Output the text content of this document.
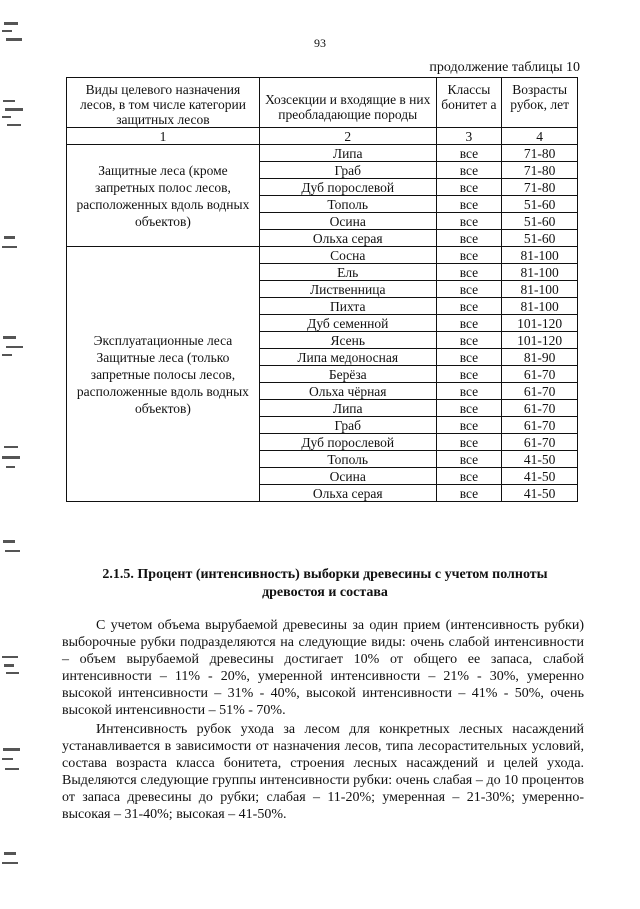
93
продолжение таблицы 10
Виды целевого назначения лесов, в том числе категории защитных лесов	Хозсекции и входящие в них преобладающие породы	Классы бонитет а	Возрасты рубок, лет
1	2	3	4
Защитные леса (кроме запретных полос лесов, расположенных вдоль водных объектов)	Липа	все	71-80
	Граб	все	71-80
	Дуб порослевой	все	71-80
	Тополь	все	51-60
	Осина	все	51-60
	Ольха серая	все	51-60
Эксплуатационные леса Защитные леса (только запретные полосы лесов, расположенные вдоль водных объектов)	Сосна	все	81-100
	Ель	все	81-100
	Лиственница	все	81-100
	Пихта	все	81-100
	Дуб семенной	все	101-120
	Ясень	все	101-120
	Липа медоносная	все	81-90
	Берёза	все	61-70
	Ольха чёрная	все	61-70
	Липа	все	61-70
	Граб	все	61-70
	Дуб порослевой	все	61-70
	Тополь	все	41-50
	Осина	все	41-50
	Ольха серая	все	41-50
2.1.5. Процент (интенсивность) выборки древесины с учетом полноты древостоя и состава

С учетом объема вырубаемой древесины за один прием (интенсивность рубки) выборочные рубки подразделяются на следующие виды: очень слабой интенсивности – объем вырубаемой древесины достигает 10% от общего ее запаса, слабой интенсивности – 11% - 20%, умеренной интенсивности – 21% - 30%, умеренно высокой интенсивности – 31% - 40%, высокой интенсивности – 41% - 50%, очень высокой интенсивности – 51% - 70%.

Интенсивность рубок ухода за лесом для конкретных лесных насаждений устанавливается в зависимости от назначения лесов, типа лесорастительных условий, состава возраста класса бонитета, строения лесных насаждений и целей ухода. Выделяются следующие группы интенсивности рубки: очень слабая – до 10 процентов от запаса древесины до рубки; слабая – 11-20%; умеренная – 21-30%; умеренно-высокая – 31-40%; высокая – 41-50%.
